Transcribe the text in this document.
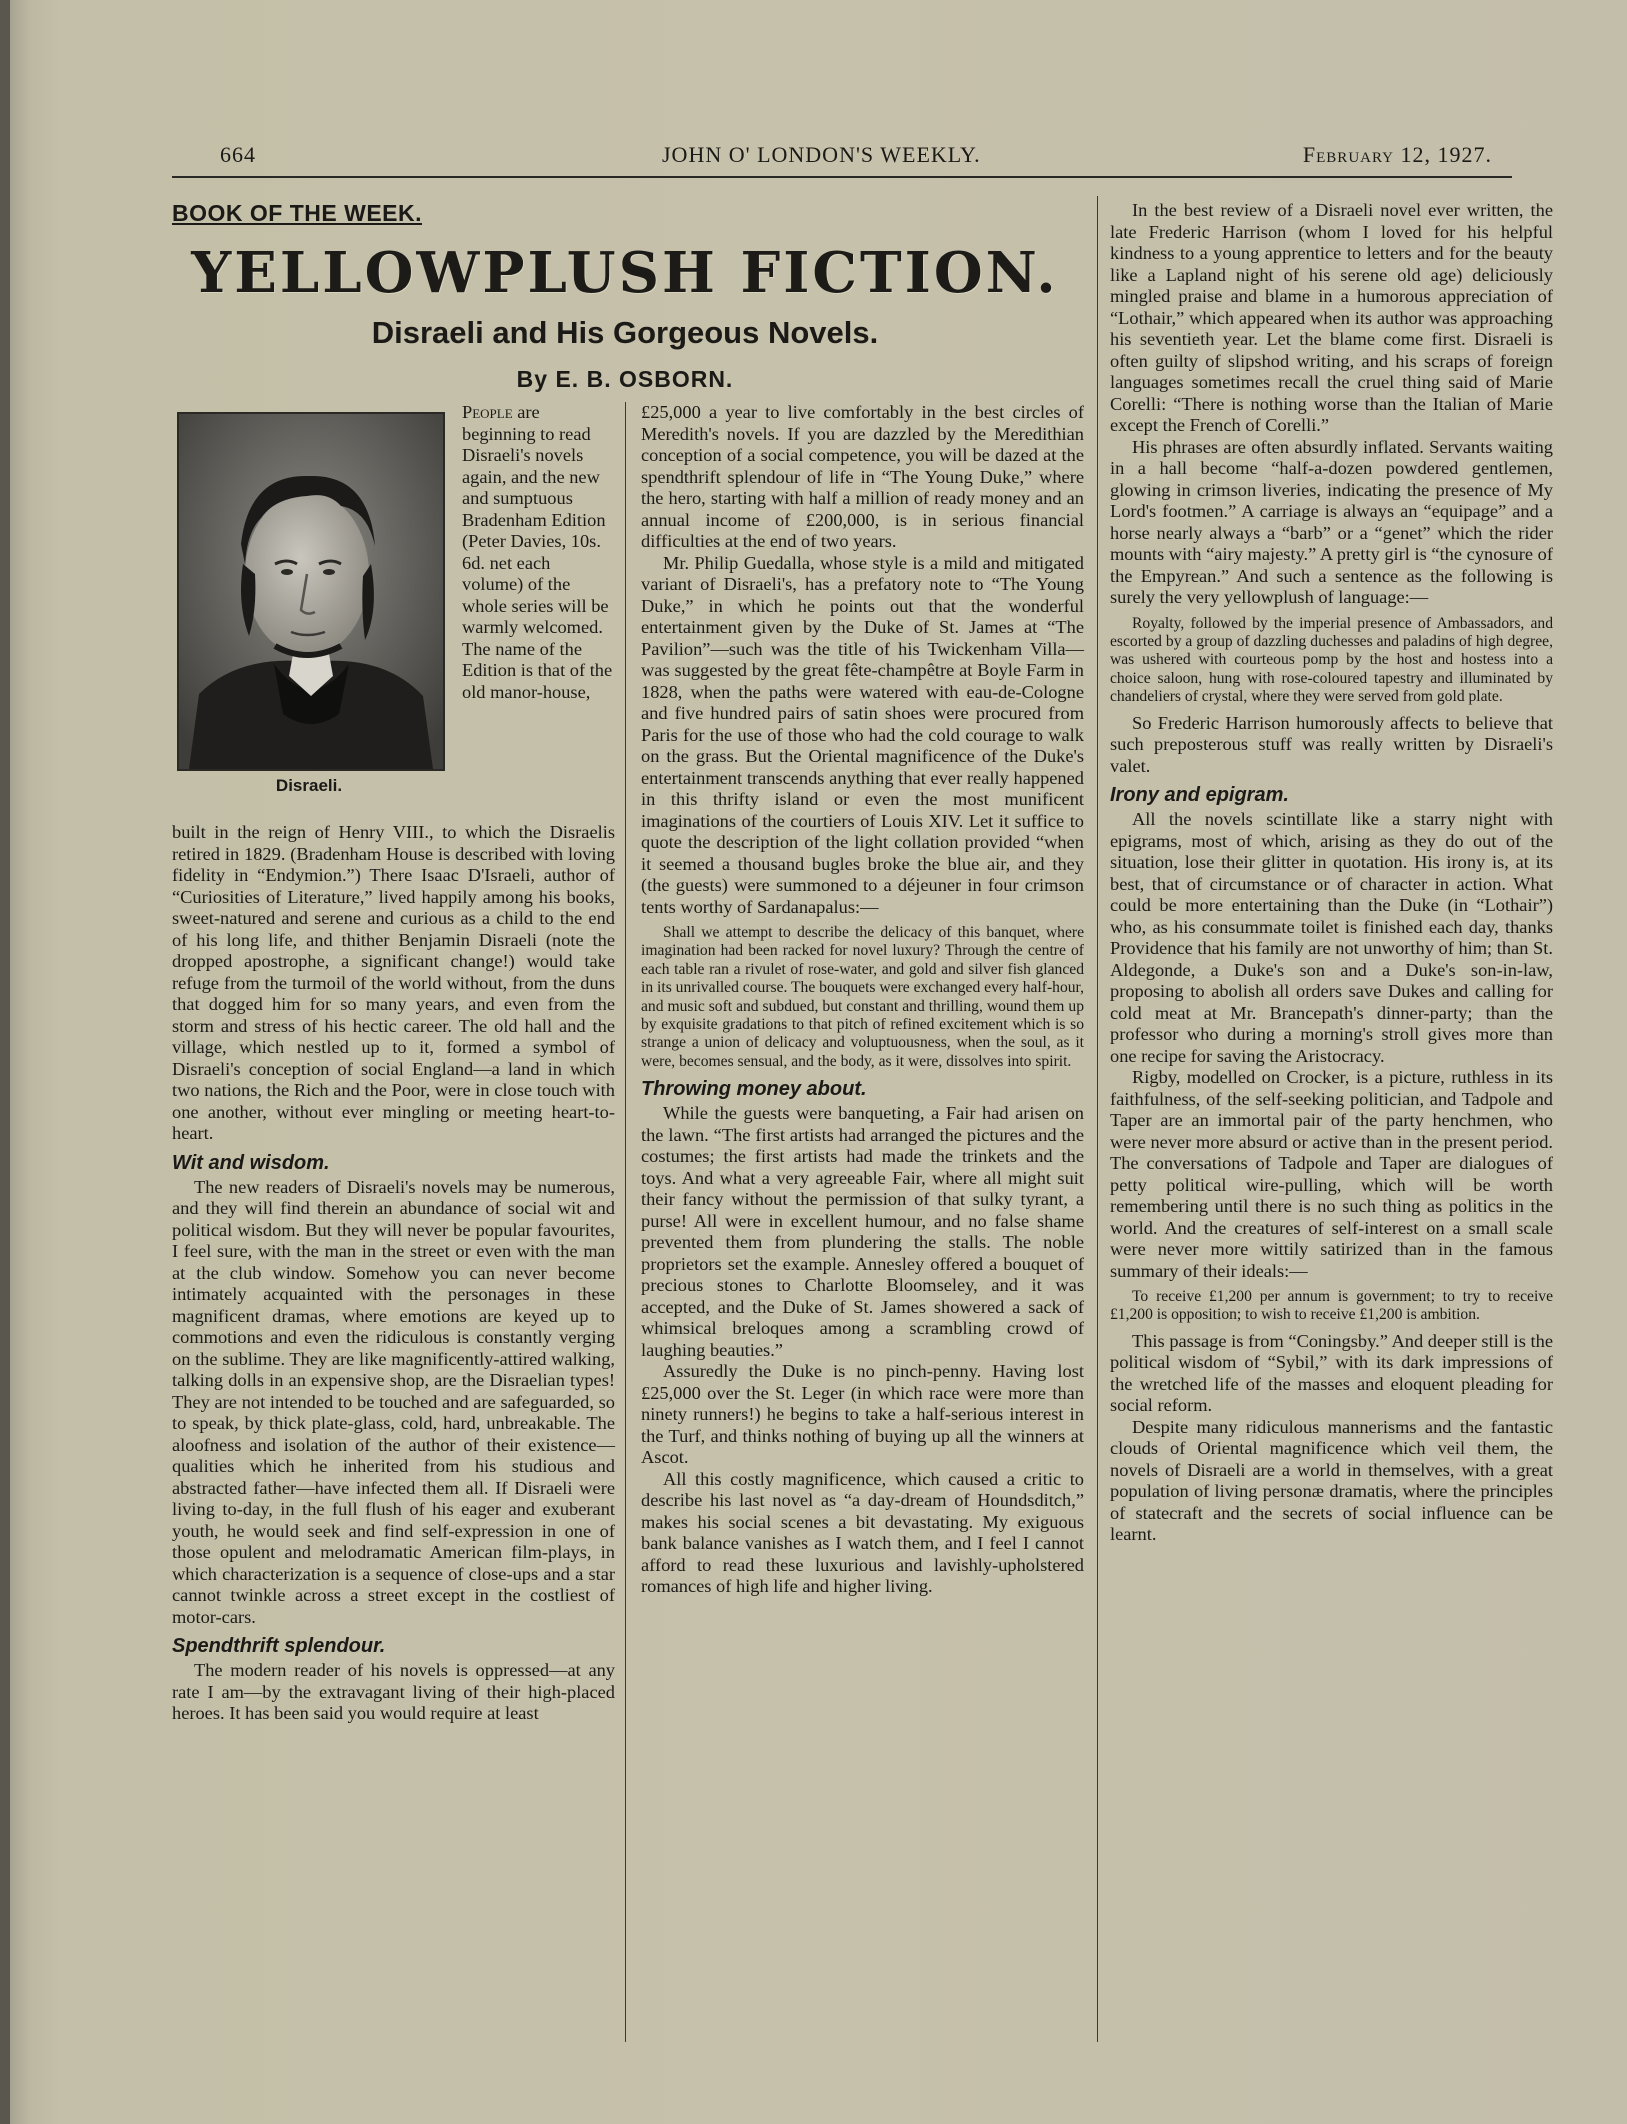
664	JOHN O' LONDON'S WEEKLY.	February 12, 1927.
BOOK OF THE WEEK.
YELLOWPLUSH FICTION.
Disraeli and His Gorgeous Novels.
By E. B. OSBORN.
Disraeli.

People are beginning to read Disraeli's novels again, and the new and sumptuous Bradenham Edition (Peter Davies, 10s. 6d. net each volume) of the whole series will be warmly welcomed. The name of the Edition is that of the old manor-house,

built in the reign of Henry VIII., to which the Disraelis retired in 1829. (Bradenham House is described with loving fidelity in “Endymion.”) There Isaac D'Israeli, author of “Curiosities of Literature,” lived happily among his books, sweet-natured and serene and curious as a child to the end of his long life, and thither Benjamin Disraeli (note the dropped apostrophe, a significant change!) would take refuge from the turmoil of the world without, from the duns that dogged him for so many years, and even from the storm and stress of his hectic career. The old hall and the village, which nestled up to it, formed a symbol of Disraeli's conception of social England—a land in which two nations, the Rich and the Poor, were in close touch with one another, without ever mingling or meeting heart-to-heart.

Wit and wisdom.

The new readers of Disraeli's novels may be numerous, and they will find therein an abundance of social wit and political wisdom. But they will never be popular favourites, I feel sure, with the man in the street or even with the man at the club window. Somehow you can never become intimately acquainted with the personages in these magnificent dramas, where emotions are keyed up to commotions and even the ridiculous is constantly verging on the sublime. They are like magnificently-attired walking, talking dolls in an expensive shop, are the Disraelian types! They are not intended to be touched and are safeguarded, so to speak, by thick plate-glass, cold, hard, unbreakable. The aloofness and isolation of the author of their existence—qualities which he inherited from his studious and abstracted father—have infected them all. If Disraeli were living to-day, in the full flush of his eager and exuberant youth, he would seek and find self-expression in one of those opulent and melodramatic American film-plays, in which characterization is a sequence of close-ups and a star cannot twinkle across a street except in the costliest of motor-cars.

Spendthrift splendour.

The modern reader of his novels is oppressed—at any rate I am—by the extravagant living of their high-placed heroes. It has been said you would require at least

£25,000 a year to live comfortably in the best circles of Meredith's novels. If you are dazzled by the Meredithian conception of a social competence, you will be dazed at the spendthrift splendour of life in “The Young Duke,” where the hero, starting with half a million of ready money and an annual income of £200,000, is in serious financial difficulties at the end of two years.

Mr. Philip Guedalla, whose style is a mild and mitigated variant of Disraeli's, has a prefatory note to “The Young Duke,” in which he points out that the wonderful entertainment given by the Duke of St. James at “The Pavilion”—such was the title of his Twickenham Villa—was suggested by the great fête-champêtre at Boyle Farm in 1828, when the paths were watered with eau-de-Cologne and five hundred pairs of satin shoes were procured from Paris for the use of those who had the cold courage to walk on the grass. But the Oriental magnificence of the Duke's entertainment transcends anything that ever really happened in this thrifty island or even the most munificent imaginations of the courtiers of Louis XIV. Let it suffice to quote the description of the light collation provided “when it seemed a thousand bugles broke the blue air, and they (the guests) were summoned to a déjeuner in four crimson tents worthy of Sardanapalus:—

Shall we attempt to describe the delicacy of this banquet, where imagination had been racked for novel luxury? Through the centre of each table ran a rivulet of rose-water, and gold and silver fish glanced in its unrivalled course. The bouquets were exchanged every half-hour, and music soft and subdued, but constant and thrilling, wound them up by exquisite gradations to that pitch of refined excitement which is so strange a union of delicacy and voluptuousness, when the soul, as it were, becomes sensual, and the body, as it were, dissolves into spirit.

Throwing money about.

While the guests were banqueting, a Fair had arisen on the lawn. “The first artists had arranged the pictures and the costumes; the first artists had made the trinkets and the toys. And what a very agreeable Fair, where all might suit their fancy without the permission of that sulky tyrant, a purse! All were in excellent humour, and no false shame prevented them from plundering the stalls. The noble proprietors set the example. Annesley offered a bouquet of precious stones to Charlotte Bloomseley, and it was accepted, and the Duke of St. James showered a sack of whimsical breloques among a scrambling crowd of laughing beauties.”

Assuredly the Duke is no pinch-penny. Having lost £25,000 over the St. Leger (in which race were more than ninety runners!) he begins to take a half-serious interest in the Turf, and thinks nothing of buying up all the winners at Ascot.

All this costly magnificence, which caused a critic to describe his last novel as “a day-dream of Houndsditch,” makes his social scenes a bit devastating. My exiguous bank balance vanishes as I watch them, and I feel I cannot afford to read these luxurious and lavishly-upholstered romances of high life and higher living.

In the best review of a Disraeli novel ever written, the late Frederic Harrison (whom I loved for his helpful kindness to a young apprentice to letters and for the beauty like a Lapland night of his serene old age) deliciously mingled praise and blame in a humorous appreciation of “Lothair,” which appeared when its author was approaching his seventieth year. Let the blame come first. Disraeli is often guilty of slipshod writing, and his scraps of foreign languages sometimes recall the cruel thing said of Marie Corelli: “There is nothing worse than the Italian of Marie except the French of Corelli.”

His phrases are often absurdly inflated. Servants waiting in a hall become “half-a-dozen powdered gentlemen, glowing in crimson liveries, indicating the presence of My Lord's footmen.” A carriage is always an “equipage” and a horse nearly always a “barb” or a “genet” which the rider mounts with “airy majesty.” A pretty girl is “the cynosure of the Empyrean.” And such a sentence as the following is surely the very yellowplush of language:—

Royalty, followed by the imperial presence of Ambassadors, and escorted by a group of dazzling duchesses and paladins of high degree, was ushered with courteous pomp by the host and hostess into a choice saloon, hung with rose-coloured tapestry and illuminated by chandeliers of crystal, where they were served from gold plate.

So Frederic Harrison humorously affects to believe that such preposterous stuff was really written by Disraeli's valet.

Irony and epigram.

All the novels scintillate like a starry night with epigrams, most of which, arising as they do out of the situation, lose their glitter in quotation. His irony is, at its best, that of circumstance or of character in action. What could be more entertaining than the Duke (in “Lothair”) who, as his consummate toilet is finished each day, thanks Providence that his family are not unworthy of him; than St. Aldegonde, a Duke's son and a Duke's son-in-law, proposing to abolish all orders save Dukes and calling for cold meat at Mr. Brancepath's dinner-party; than the professor who during a morning's stroll gives more than one recipe for saving the Aristocracy.

Rigby, modelled on Crocker, is a picture, ruthless in its faithfulness, of the self-seeking politician, and Tadpole and Taper are an immortal pair of the party henchmen, who were never more absurd or active than in the present period. The conversations of Tadpole and Taper are dialogues of petty political wire-pulling, which will be worth remembering until there is no such thing as politics in the world. And the creatures of self-interest on a small scale were never more wittily satirized than in the famous summary of their ideals:—

To receive £1,200 per annum is government; to try to receive £1,200 is opposition; to wish to receive £1,200 is ambition.

This passage is from “Coningsby.” And deeper still is the political wisdom of “Sybil,” with its dark impressions of the wretched life of the masses and eloquent pleading for social reform.

Despite many ridiculous mannerisms and the fantastic clouds of Oriental magnificence which veil them, the novels of Disraeli are a world in themselves, with a great population of living personæ dramatis, where the principles of statecraft and the secrets of social influence can be learnt.
